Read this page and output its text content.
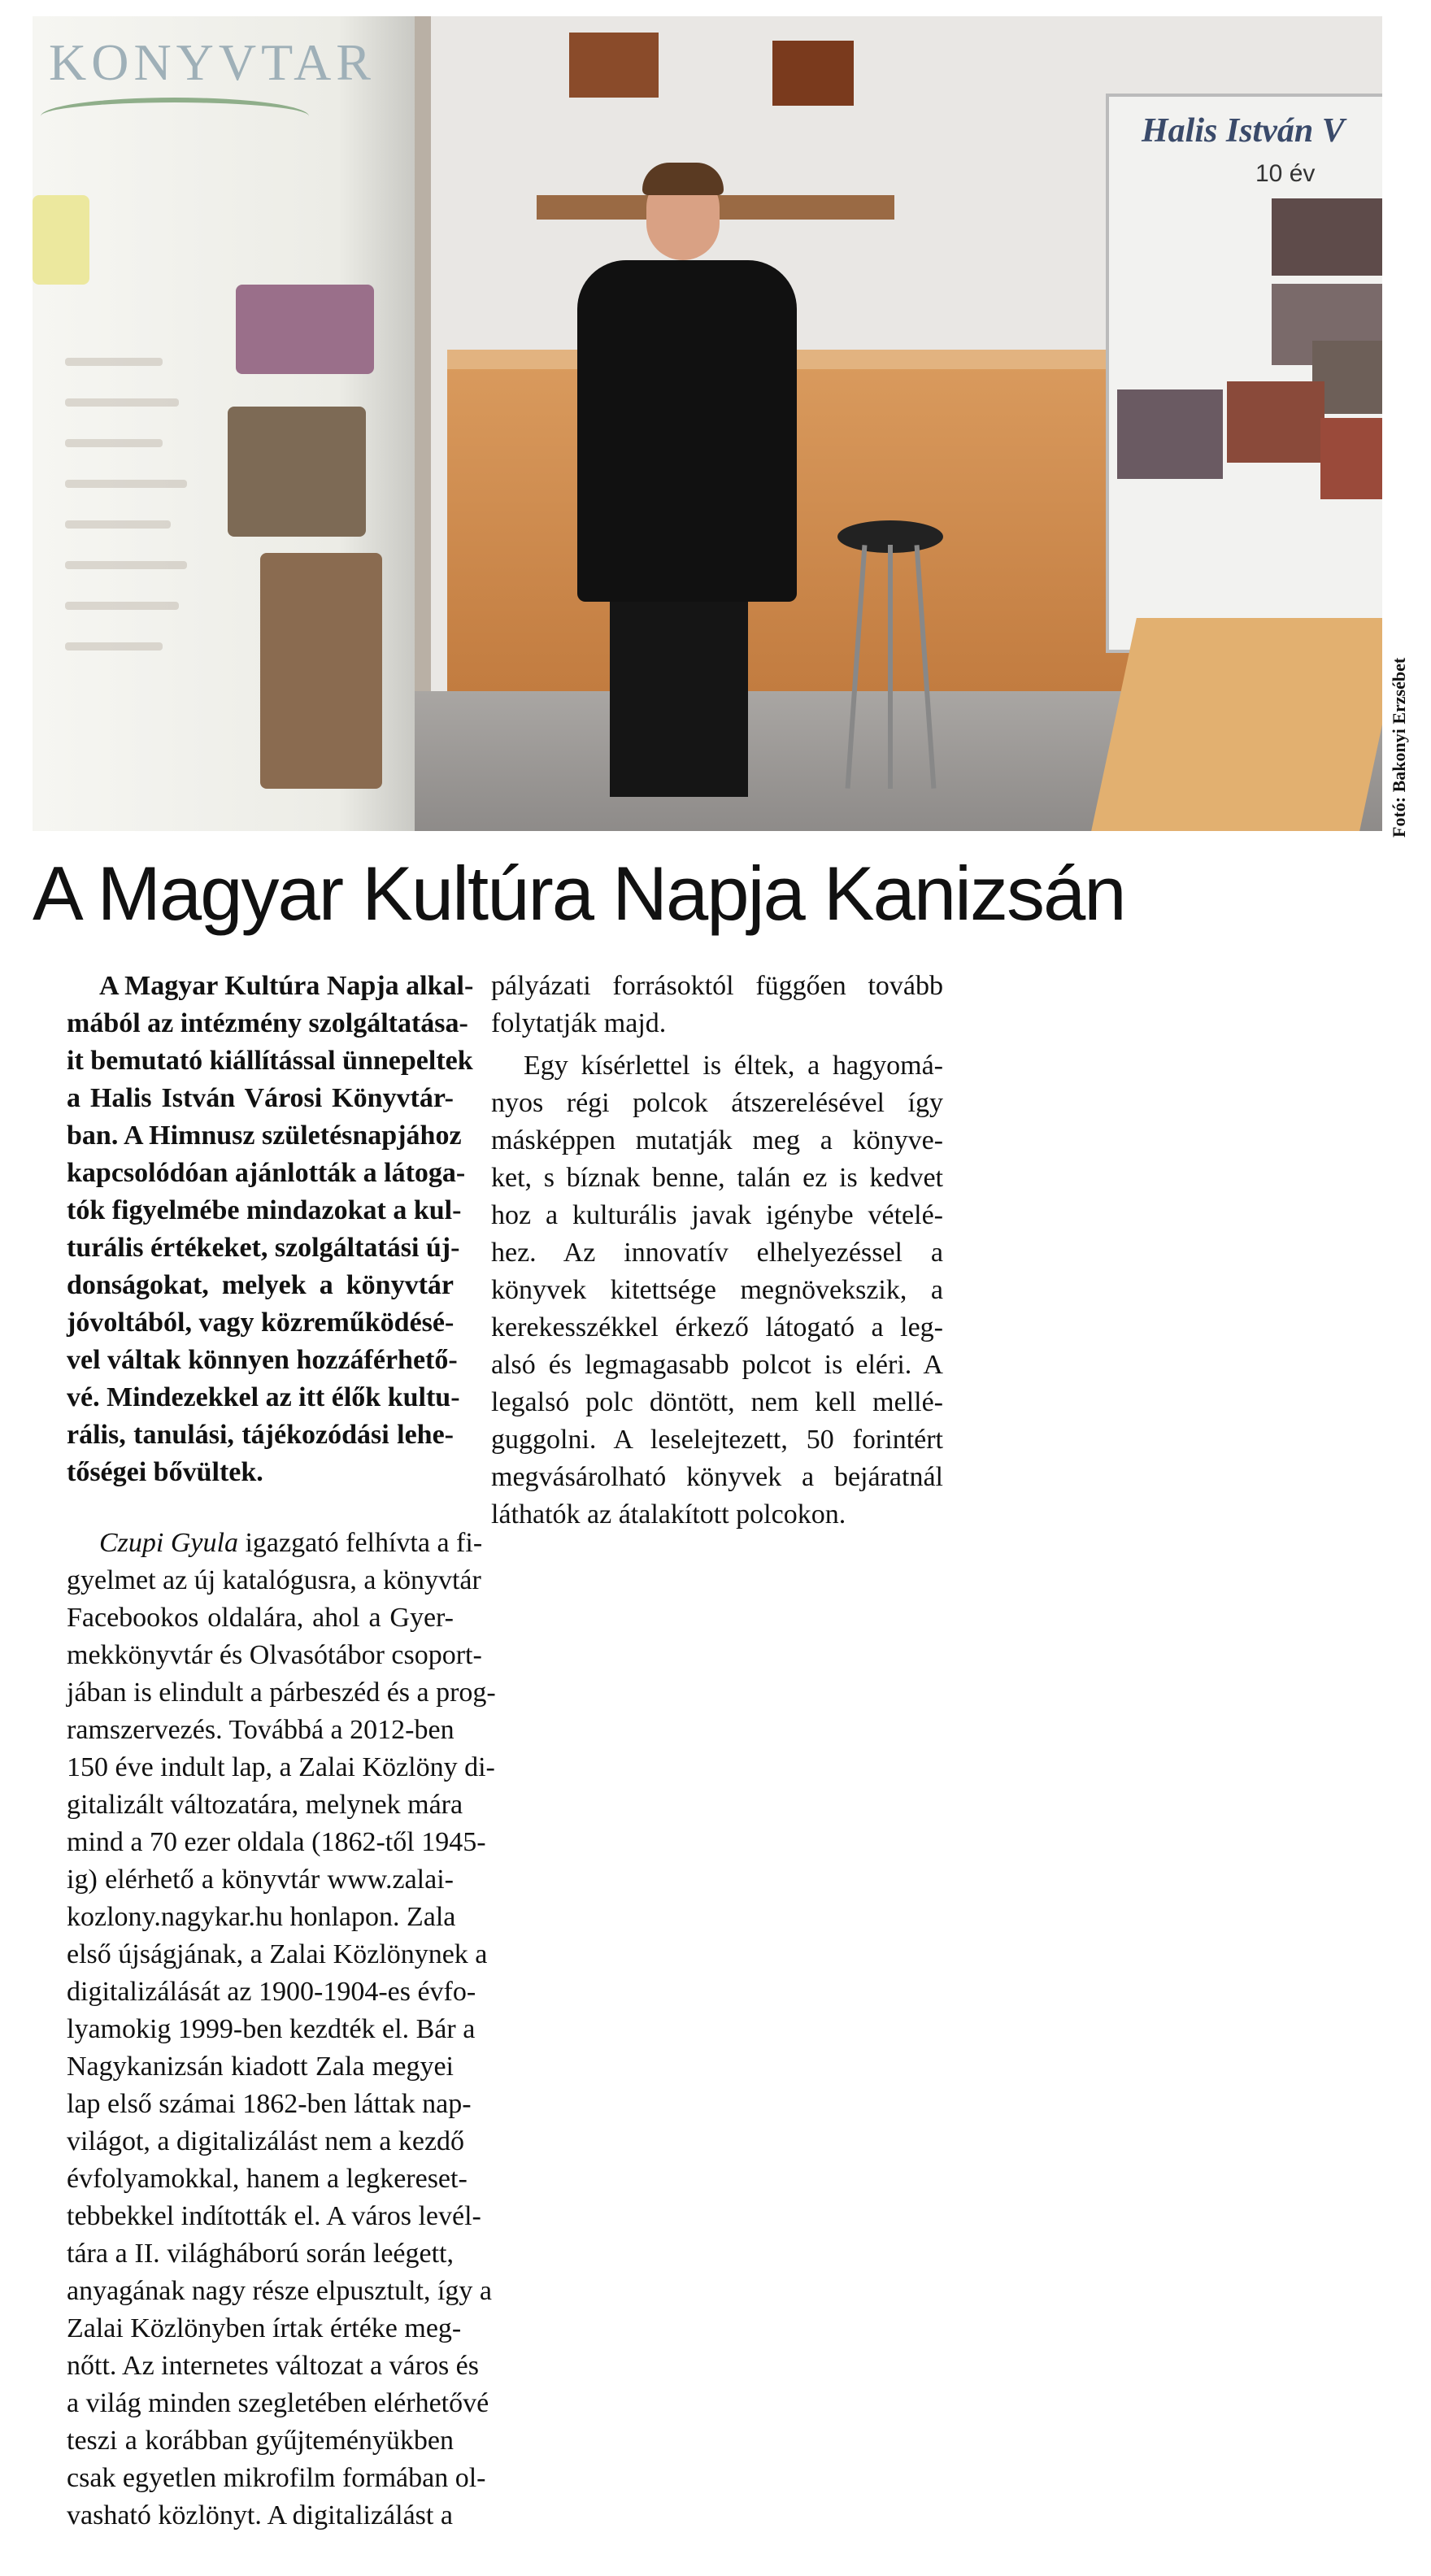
KONYVTAR
Halis István V
10 év
Fotó: Bakonyi Erzsébet
A Magyar Kultúra Napja Kanizsán
A Magyar Kultúra Napja alkal-
mából az intézmény szolgáltatása-
it bemutató kiállítással ünnepeltek
a Halis István Városi Könyvtár-
ban. A Himnusz születésnapjához
kapcsolódóan ajánlották a látoga-
tók figyelmébe mindazokat a kul-
turális értékeket, szolgáltatási új-
donságokat, melyek a könyvtár
jóvoltából, vagy közreműködésé-
vel váltak könnyen hozzáférhető-
vé. Mindezekkel az itt élők kultu-
rális, tanulási, tájékozódási lehe-
tőségei bővültek.
Czupi Gyula igazgató felhívta a fi-
gyelmet az új katalógusra, a könyvtár
Facebookos oldalára, ahol a Gyer-
mekkönyvtár és Olvasótábor csoport-
jában is elindult a párbeszéd és a prog-
ramszervezés. Továbbá a 2012-ben
150 éve indult lap, a Zalai Közlöny di-
gitalizált változatára, melynek mára
mind a 70 ezer oldala (1862-től 1945-
ig) elérhető a könyvtár www.zalai-
kozlony.nagykar.hu honlapon. Zala
első újságjának, a Zalai Közlönynek a
digitalizálását az 1900-1904-es évfo-
lyamokig 1999-ben kezdték el. Bár a
Nagykanizsán kiadott Zala megyei
lap első számai 1862-ben láttak nap-
világot, a digitalizálást nem a kezdő
évfolyamokkal, hanem a legkereset-
tebbekkel indították el. A város levél-
tára a II. világháború során leégett,
anyagának nagy része elpusztult, így a
Zalai Közlönyben írtak értéke meg-
nőtt. Az internetes változat a város és
a világ minden szegletében elérhetővé
teszi a korábban gyűjteményükben
csak egyetlen mikrofilm formában ol-
vasható közlönyt. A digitalizálást a
pályázati forrásoktól függően tovább
folytatják majd.
Egy kísérlettel is éltek, a hagyomá-
nyos régi polcok átszerelésével így
másképpen mutatják meg a könyve-
ket, s bíznak benne, talán ez is kedvet
hoz a kulturális javak igénybe vételé-
hez. Az innovatív elhelyezéssel a
könyvek kitettsége megnövekszik, a
kerekesszékkel érkező látogató a leg-
alsó és legmagasabb polcot is eléri. A
legalsó polc döntött, nem kell mellé-
guggolni. A leselejtezett, 50 forintért
megvásárolható könyvek a bejáratnál
láthatók az átalakított polcokon.
